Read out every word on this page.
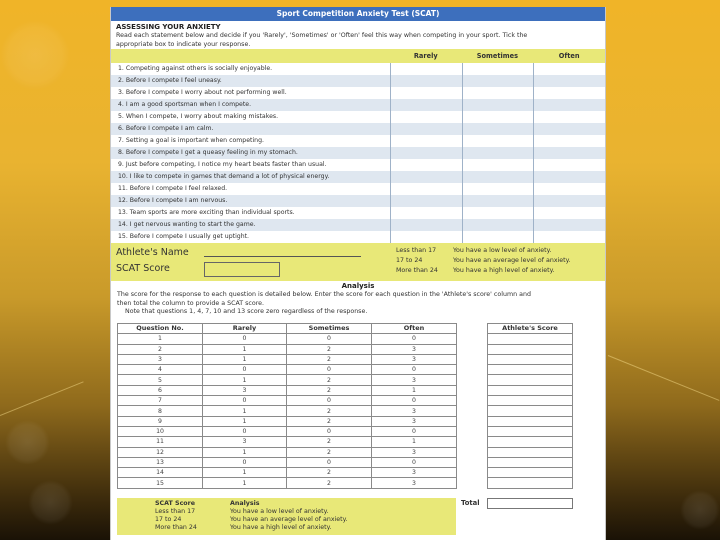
Sport Competition Anxiety Test (SCAT)
ASSESSING YOUR ANXIETY

Read each statement below and decide if you 'Rarely', 'Sometimes' or 'Often' feel this way when competing in your sport. Tick the

appropriate box to indicate your response.

Rarely	Sometimes	Often
1. Competing against others is socially enjoyable.
2. Before I compete I feel uneasy.
3. Before I compete I worry about not performing well.
4. I am a good sportsman when I compete.
5. When I compete, I worry about making mistakes.
6. Before I compete I am calm.
7. Setting a goal is important when competing.
8. Before I compete I get a queasy feeling in my stomach.
9. Just before competing, I notice my heart beats faster than usual.
10. I like to compete in games that demand a lot of physical energy.
11. Before I compete I feel relaxed.
12. Before I compete I am nervous.
13. Team sports are more exciting than individual sports.
14. I get nervous wanting to start the game.
15. Before I compete I usually get uptight.
Athlete's Name
SCAT Score
Less than 17	You have a low level of anxiety.
17 to 24	You have an average level of anxiety.
More than 24	You have a high level of anxiety.
Analysis

The score for the response to each question is detailed below. Enter the score for each question in the 'Athlete's score' column and

then total the column to provide a SCAT score.

Note that questions 1, 4, 7, 10 and 13 score zero regardless of the response.

Question No.	Rarely	Sometimes	Often
1	0	0	0
2	1	2	3
3	1	2	3
4	0	0	0
5	1	2	3
6	3	2	1
7	0	0	0
8	1	2	3
9	1	2	3
10	0	0	0
11	3	2	1
12	1	2	3
13	0	0	0
14	1	2	3
15	1	2	3
Athlete's Score

SCAT Score	Analysis
Less than 17	You have a low level of anxiety.
17 to 24	You have an average level of anxiety.
More than 24	You have a high level of anxiety.
Total
